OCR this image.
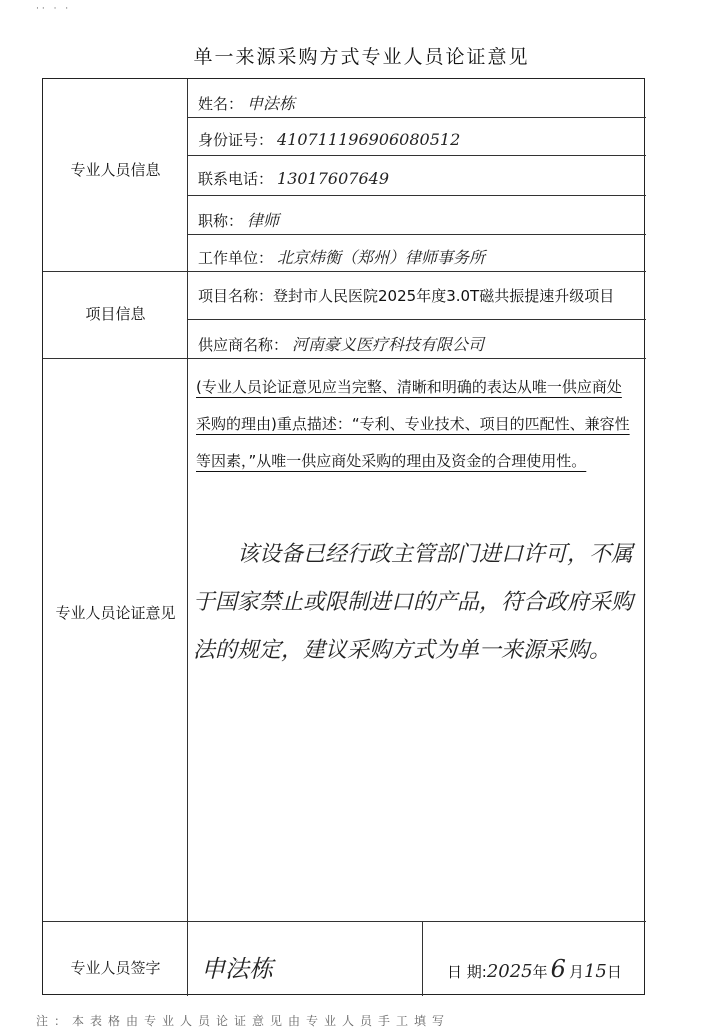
·· · ·
单一来源采购方式专业人员论证意见
专业人员信息
姓名： 申法栋
身份证号： 410711196906080512
联系电话： 13017607649
职称： 律师
工作单位： 北京炜衡（郑州）律师事务所
项目信息
项目名称：登封市人民医院2025年度3.0T磁共振提速升级项目
供应商名称： 河南豪义医疗科技有限公司
专业人员论证意见
(专业人员论证意见应当完整、清晰和明确的表达从唯一供应商处采购的理由)重点描述：“专利、专业技术、项目的匹配性、兼容性等因素，”从唯一供应商处采购的理由及资金的合理使用性。
该设备已经行政主管部门进口许可，不属于国家禁止或限制进口的产品，符合政府采购法的规定，建议采购方式为单一来源采购。
专业人员签字	申法栋	日 期:2025年 6 月15日
注：本表格由专业人员论证意见由专业人员手工填写
